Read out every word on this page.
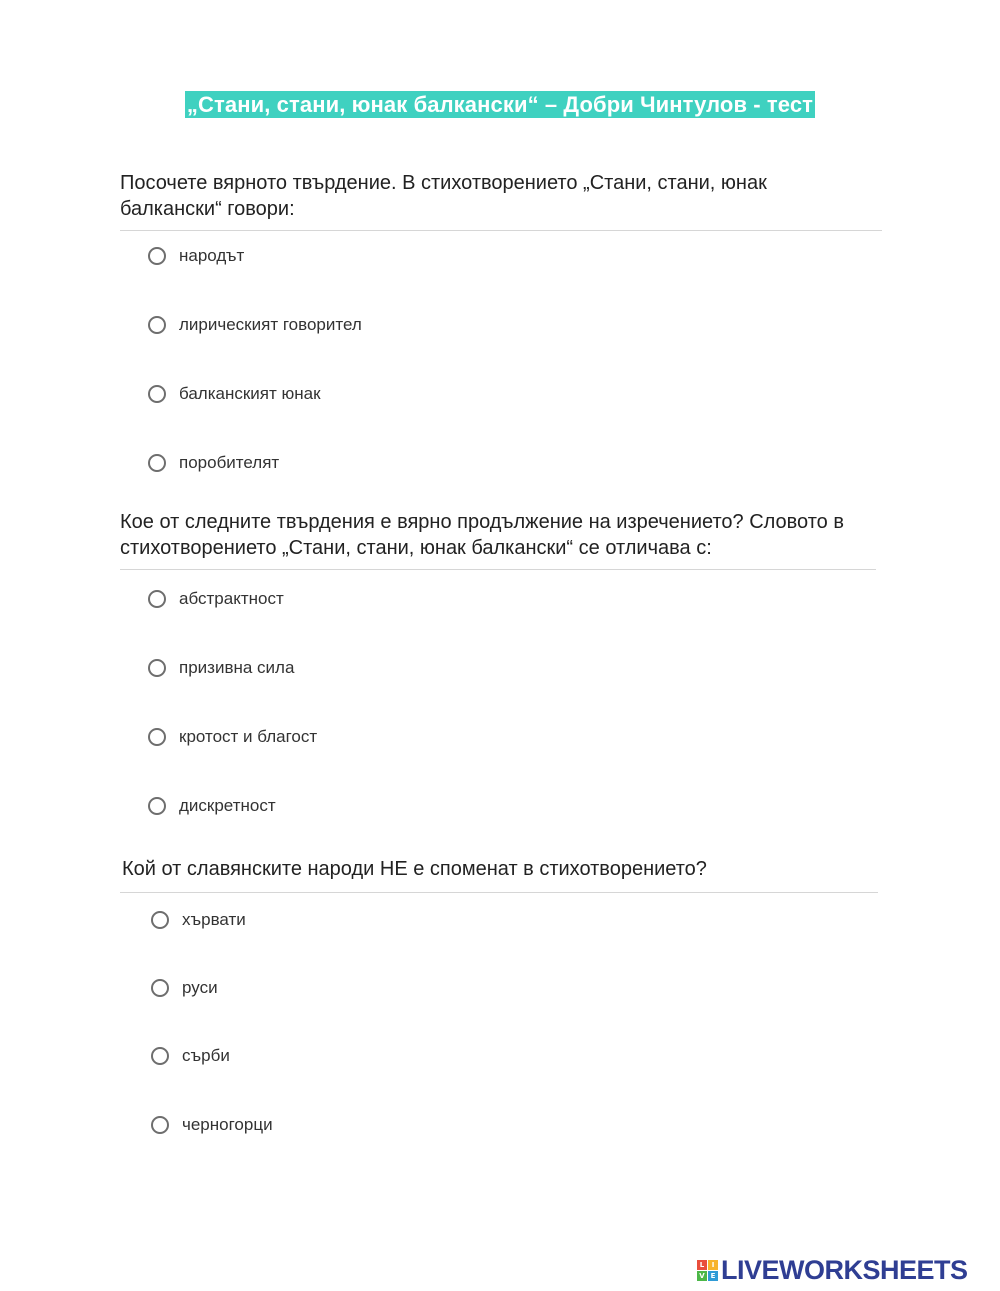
„Стани, стани, юнак балкански“ – Добри Чинтулов - тест

Посочете вярното твърдение. В стихотворението „Стани, стани, юнак балкански“ говори:

народът
лирическият говорител
балканският юнак
поробителят

Кое от следните твърдения е вярно продължение на изречението? Словото в стихотворението „Стани, стани, юнак балкански“ се отличава с:

абстрактност
призивна сила
кротост и благост
дискретност

Кой от славянските народи НЕ е споменат в стихотворението?

хървати
руси
сърби
черногорци
L	I
V E LIVEWORKSHEETS
